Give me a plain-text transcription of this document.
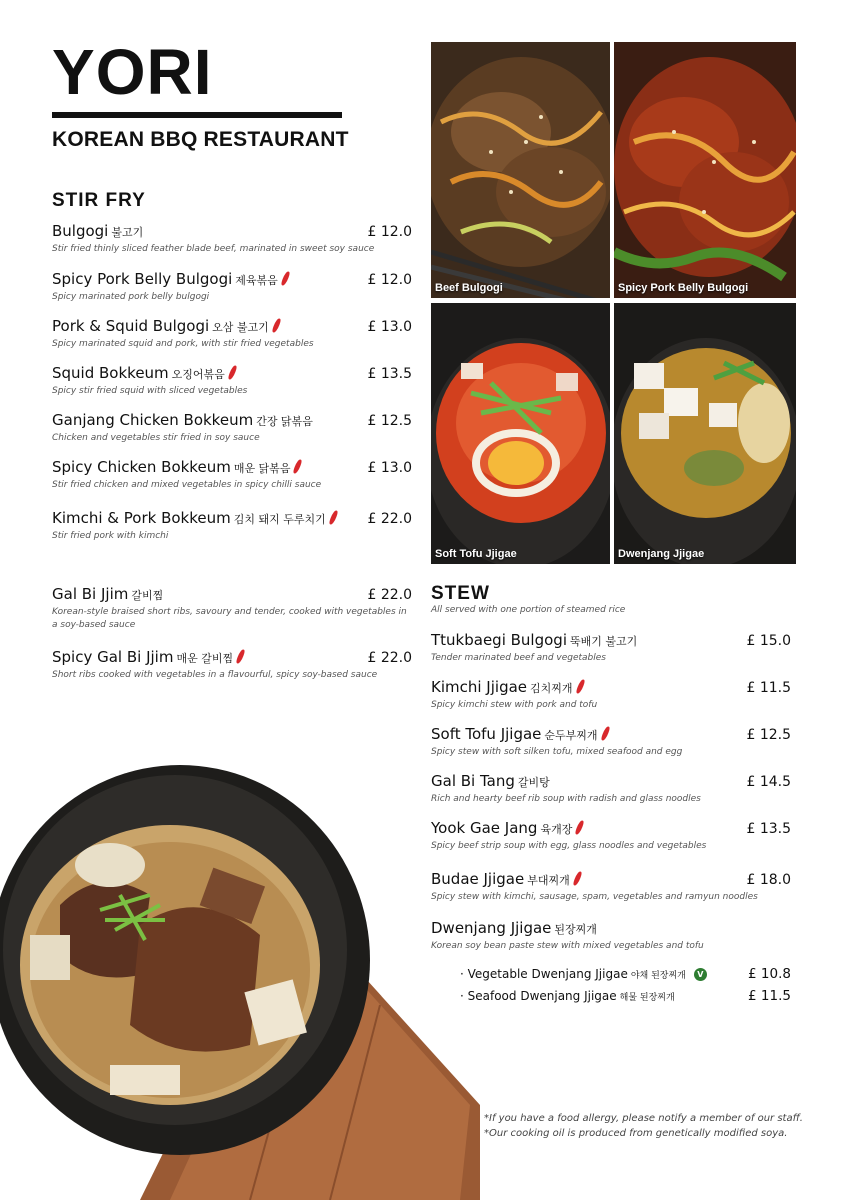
YORI
KOREAN BBQ RESTAURANT
STIR FRY
Bulgogi 불고기	£ 12.0
Stir fried thinly sliced feather blade beef, marinated in sweet soy sauce
Spicy Pork Belly Bulgogi 제육볶음	£ 12.0
Spicy marinated pork belly bulgogi
Pork & Squid Bulgogi 오삼 불고기	£ 13.0
Spicy marinated squid and pork, with stir fried vegetables
Squid Bokkeum 오징어볶음	£ 13.5
Spicy stir fried squid with sliced vegetables
Ganjang Chicken Bokkeum 간장 닭볶음	£ 12.5
Chicken and vegetables stir fried in soy sauce
Spicy Chicken Bokkeum 매운 닭볶음	£ 13.0
Stir fried chicken and mixed vegetables in spicy chilli sauce
Kimchi & Pork Bokkeum 김치 돼지 두루치기	£ 22.0
Stir fried pork with kimchi
Gal Bi Jjim 갈비찜	£ 22.0
Korean-style braised short ribs, savoury and tender, cooked with vegetables in
a soy-based sauce
Spicy Gal Bi Jjim 매운 갈비찜	£ 22.0
Short ribs cooked with vegetables in a flavourful, spicy soy-based sauce
Beef Bulgogi	Spicy Pork Belly Bulgogi
Soft Tofu Jjigae	Dwenjang Jjigae
STEW
All served with one portion of steamed rice
Ttukbaegi Bulgogi 뚝배기 불고기	£ 15.0
Tender marinated beef and vegetables
Kimchi Jjigae 김치찌개	£ 11.5
Spicy kimchi stew with pork and tofu
Soft Tofu Jjigae 순두부찌개	£ 12.5
Spicy stew with soft silken tofu, mixed seafood and egg
Gal Bi Tang 갈비탕	£ 14.5
Rich and hearty beef rib soup with radish and glass noodles
Yook Gae Jang 육개장	£ 13.5
Spicy beef strip soup with egg, glass noodles and vegetables
Budae Jjigae 부대찌개	£ 18.0
Spicy stew with kimchi, sausage, spam, vegetables and ramyun noodles
Dwenjang Jjigae 된장찌개
Korean soy bean paste stew with mixed vegetables and tofu
· Vegetable Dwenjang Jjigae 야채 된장찌개 V	£ 10.8
· Seafood Dwenjang Jjigae 해물 된장찌개	£ 11.5
*If you have a food allergy, please notify a member of our staff.
*Our cooking oil is produced from genetically modified soya.
